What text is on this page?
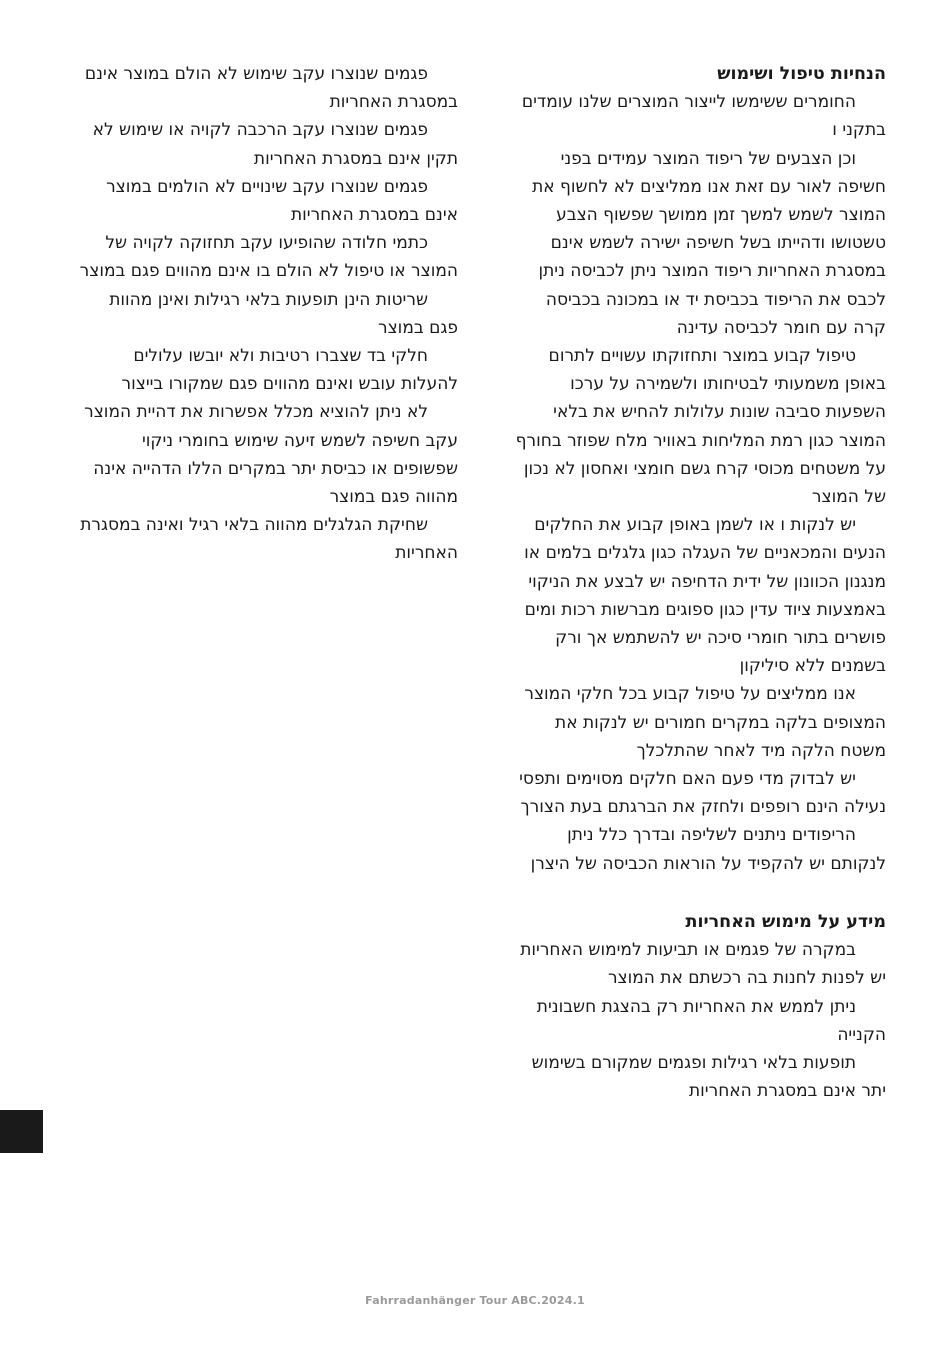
הנחיות טיפול ושימוש

החומרים ששימשו לייצור המוצרים שלנו עומדים בתקני ו

וכן הצבעים של ריפוד המוצר עמידים בפני חשיפה לאור עם זאת אנו ממליצים לא לחשוף את המוצר לשמש למשך זמן ממושך שפשוף הצבע טשטושו ודהייתו בשל חשיפה ישירה לשמש אינם במסגרת האחריות ריפוד המוצר ניתן לכביסה ניתן לכבס את הריפוד בכביסת יד או במכונה בכביסה קרה עם חומר לכביסה עדינה

טיפול קבוע במוצר ותחזוקתו עשויים לתרום באופן משמעותי לבטיחותו ולשמירה על ערכו השפעות סביבה שונות עלולות להחיש את בלאי המוצר כגון רמת המליחות באוויר מלח שפוזר בחורף על משטחים מכוסי קרח גשם חומצי ואחסון לא נכון של המוצר

יש לנקות ו או לשמן באופן קבוע את החלקים הנעים והמכאניים של העגלה כגון גלגלים בלמים או מנגנון הכוונון של ידית הדחיפה יש לבצע את הניקוי באמצעות ציוד עדין כגון ספוגים מברשות רכות ומים פושרים בתור חומרי סיכה יש להשתמש אך ורק בשמנים ללא סיליקון

אנו ממליצים על טיפול קבוע בכל חלקי המוצר המצופים בלקה במקרים חמורים יש לנקות את משטח הלקה מיד לאחר שהתלכלך

יש לבדוק מדי פעם האם חלקים מסוימים ותפסי נעילה הינם רופפים ולחזק את הברגתם בעת הצורך

הריפודים ניתנים לשליפה ובדרך כלל ניתן לנקותם יש להקפיד על הוראות הכביסה של היצרן

מידע על מימוש האחריות

במקרה של פגמים או תביעות למימוש האחריות יש לפנות לחנות בה רכשתם את המוצר

ניתן לממש את האחריות רק בהצגת חשבונית הקנייה

תופעות בלאי רגילות ופגמים שמקורם בשימוש יתר אינם במסגרת האחריות

פגמים שנוצרו עקב שימוש לא הולם במוצר אינם במסגרת האחריות

פגמים שנוצרו עקב הרכבה לקויה או שימוש לא תקין אינם במסגרת האחריות

פגמים שנוצרו עקב שינויים לא הולמים במוצר אינם במסגרת האחריות

כתמי חלודה שהופיעו עקב תחזוקה לקויה של המוצר או טיפול לא הולם בו אינם מהווים פגם במוצר

שריטות הינן תופעות בלאי רגילות ואינן מהוות פגם במוצר

חלקי בד שצברו רטיבות ולא יובשו עלולים להעלות עובש ואינם מהווים פגם שמקורו בייצור

לא ניתן להוציא מכלל אפשרות את דהיית המוצר עקב חשיפה לשמש זיעה שימוש בחומרי ניקוי שפשופים או כביסת יתר במקרים הללו הדהייה אינה מהווה פגם במוצר

שחיקת הגלגלים מהווה בלאי רגיל ואינה במסגרת האחריות

Fahrradanhänger Tour ABC.2024.1
